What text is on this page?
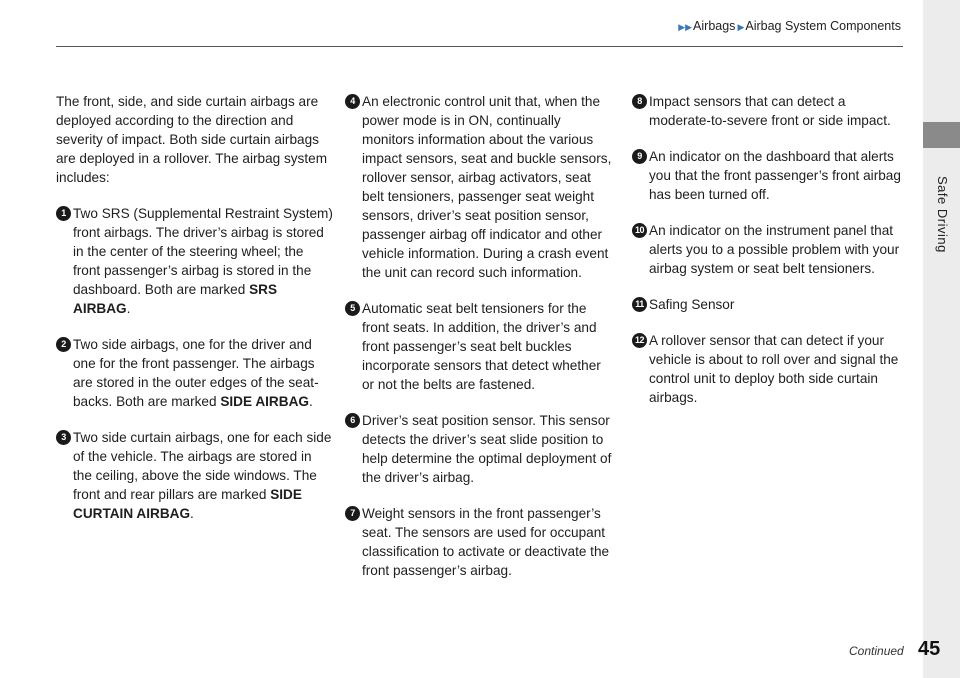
▶▶Airbags ▶Airbag System Components
Safe Driving

The front, side, and side curtain airbags are deployed according to the direction and severity of impact. Both side curtain airbags are deployed in a rollover. The airbag system includes:

1 Two SRS (Supplemental Restraint System) front airbags. The driver’s airbag is stored in the center of the steering wheel; the front passenger’s airbag is stored in the dashboard. Both are marked SRS AIRBAG.
2 Two side airbags, one for the driver and one for the front passenger. The airbags are stored in the outer edges of the seat-backs. Both are marked SIDE AIRBAG.
3 Two side curtain airbags, one for each side of the vehicle. The airbags are stored in the ceiling, above the side windows. The front and rear pillars are marked SIDE CURTAIN AIRBAG.
4 An electronic control unit that, when the power mode is in ON, continually monitors information about the various impact sensors, seat and buckle sensors, rollover sensor, airbag activators, seat belt tensioners, passenger seat weight sensors, driver’s seat position sensor, passenger airbag off indicator and other vehicle information. During a crash event the unit can record such information.
5 Automatic seat belt tensioners for the front seats. In addition, the driver’s and front passenger’s seat belt buckles incorporate sensors that detect whether or not the belts are fastened.
6 Driver’s seat position sensor. This sensor detects the driver’s seat slide position to help determine the optimal deployment of the driver’s airbag.
7 Weight sensors in the front passenger’s seat. The sensors are used for occupant classification to activate or deactivate the front passenger’s airbag.
8 Impact sensors that can detect a moderate-to-severe front or side impact.
9 An indicator on the dashboard that alerts you that the front passenger’s front airbag has been turned off.
10 An indicator on the instrument panel that alerts you to a possible problem with your airbag system or seat belt tensioners.
11 Safing Sensor
12 A rollover sensor that can detect if your vehicle is about to roll over and signal the control unit to deploy both side curtain airbags.
Continued 45
